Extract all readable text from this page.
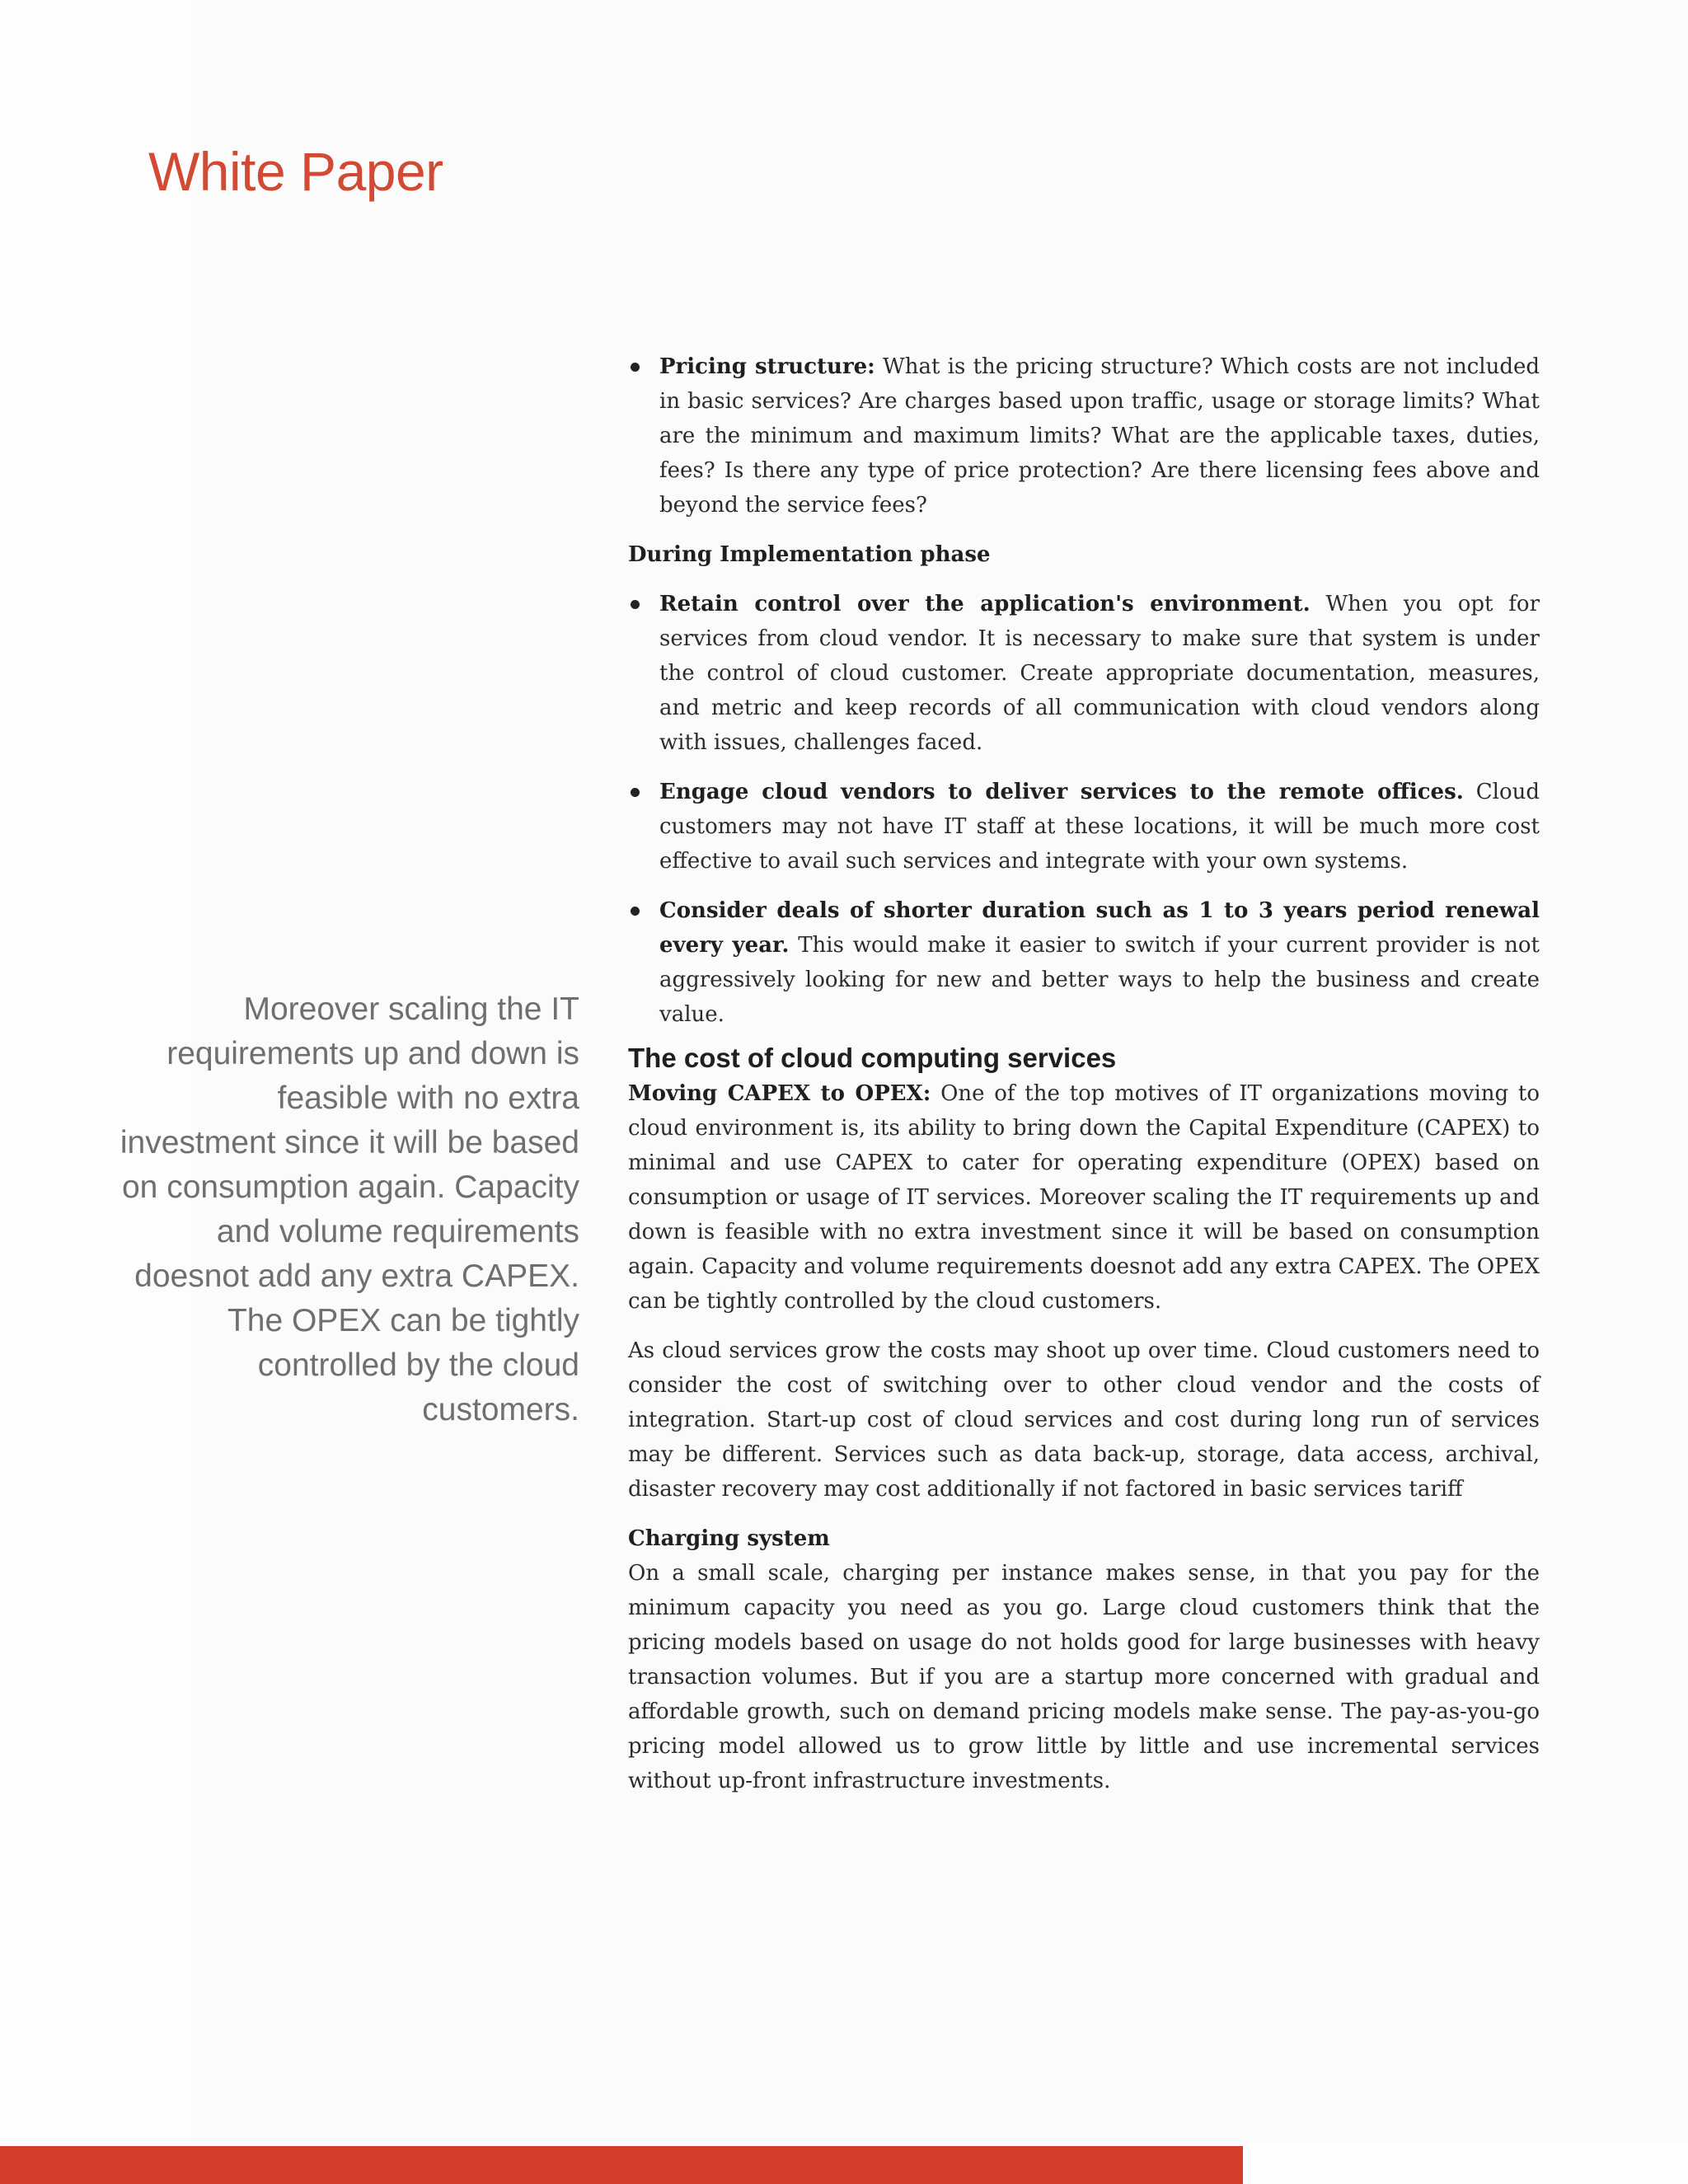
White Paper

Moreover scaling the IT requirements up and down is feasible with no extra investment since it will be based on consumption again. Capacity and volume requirements doesnot add any extra CAPEX. The OPEX can be tightly controlled by the cloud customers.

Pricing structure: What is the pricing structure? Which costs are not included in basic services? Are charges based upon traffic, usage or storage limits? What are the minimum and maximum limits? What are the applicable taxes, duties, fees? Is there any type of price protection? Are there licensing fees above and beyond the service fees?

During Implementation phase

Retain control over the application's environment. When you opt for services from cloud vendor. It is necessary to make sure that system is under the control of cloud customer. Create appropriate documentation, measures, and metric and keep records of all communication with cloud vendors along with issues, challenges faced.
Engage cloud vendors to deliver services to the remote offices. Cloud customers may not have IT staff at these locations, it will be much more cost effective to avail such services and integrate with your own systems.
Consider deals of shorter duration such as 1 to 3 years period renewal every year. This would make it easier to switch if your current provider is not aggressively looking for new and better ways to help the business and create value.
The cost of cloud computing services

Moving CAPEX to OPEX: One of the top motives of IT organizations moving to cloud environment is, its ability to bring down the Capital Expenditure (CAPEX) to minimal and use CAPEX to cater for operating expenditure (OPEX) based on consumption or usage of IT services. Moreover scaling the IT requirements up and down is feasible with no extra investment since it will be based on consumption again. Capacity and volume requirements doesnot add any extra CAPEX. The OPEX can be tightly controlled by the cloud customers.

As cloud services grow the costs may shoot up over time. Cloud customers need to consider the cost of switching over to other cloud vendor and the costs of integration. Start-up cost of cloud services and cost during long run of services may be different. Services such as data back-up, storage, data access, archival, disaster recovery may cost additionally if not factored in basic services tariff

Charging system

On a small scale, charging per instance makes sense, in that you pay for the minimum capacity you need as you go. Large cloud customers think that the pricing models based on usage do not holds good for large businesses with heavy transaction volumes. But if you are a startup more concerned with gradual and affordable growth, such on demand pricing models make sense. The pay-as-you-go pricing model allowed us to grow little by little and use incremental services without up-front infrastructure investments.
